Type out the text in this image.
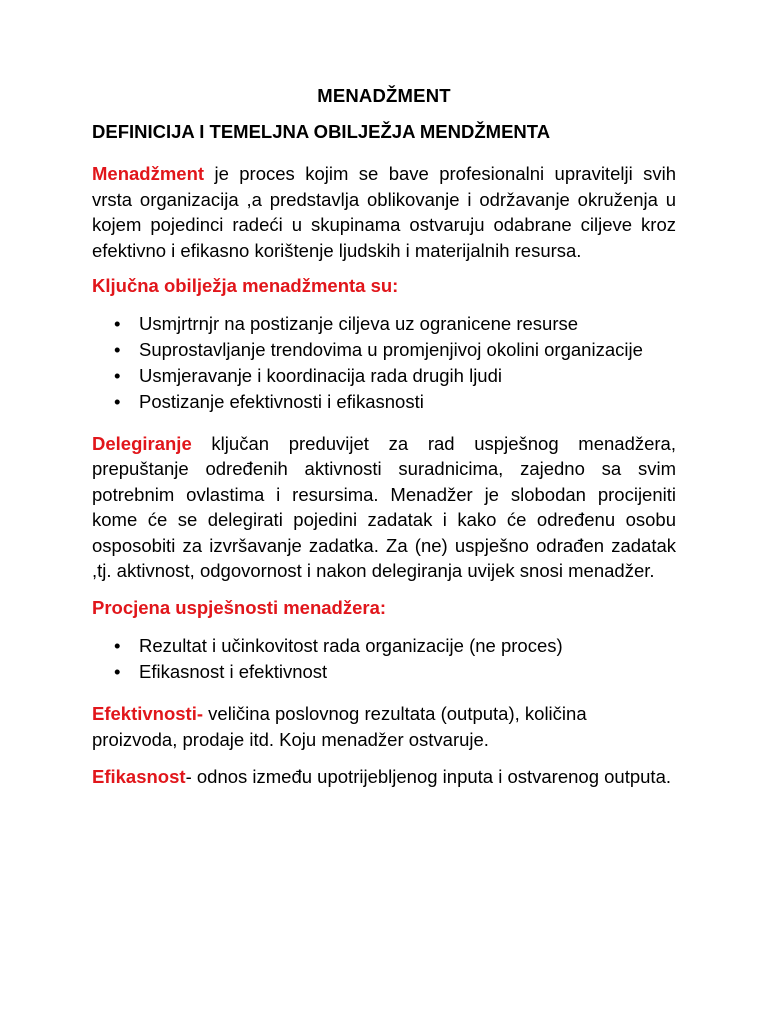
MENADŽMENT
DEFINICIJA I TEMELJNA OBILJEŽJA MENDŽMENTA

Menadžment je proces kojim se bave profesionalni upravitelji svih vrsta organizacija ,a predstavlja oblikovanje i održavanje okruženja u kojem pojedinci radeći u skupinama ostvaruju odabrane ciljeve kroz efektivno i efikasno korištenje ljudskih i materijalnih resursa.

Ključna obilježja menadžmenta su:
• Usmjrtrnjr na postizanje ciljeva uz ogranicene resurse
• Suprostavljanje trendovima u promjenjivoj okolini organizacije
• Usmjeravanje i koordinacija rada drugih ljudi
• Postizanje efektivnosti i efikasnosti

Delegiranje ključan preduvijet za rad uspješnog menadžera, prepuštanje određenih aktivnosti suradnicima, zajedno sa svim potrebnim ovlastima i resursima. Menadžer je slobodan procijeniti kome će se delegirati pojedini zadatak i kako će određenu osobu osposobiti za izvršavanje zadatka. Za (ne) uspješno odrađen zadatak ,tj. aktivnost, odgovornost i nakon delegiranja uvijek snosi menadžer.

Procjena uspješnosti menadžera:
• Rezultat i učinkovitost rada organizacije (ne proces)
• Efikasnost i efektivnost

Efektivnosti- veličina poslovnog rezultata (outputa), količina proizvoda, prodaje itd. Koju menadžer ostvaruje.

Efikasnost- odnos između upotrijebljenog inputa i ostvarenog outputa.
